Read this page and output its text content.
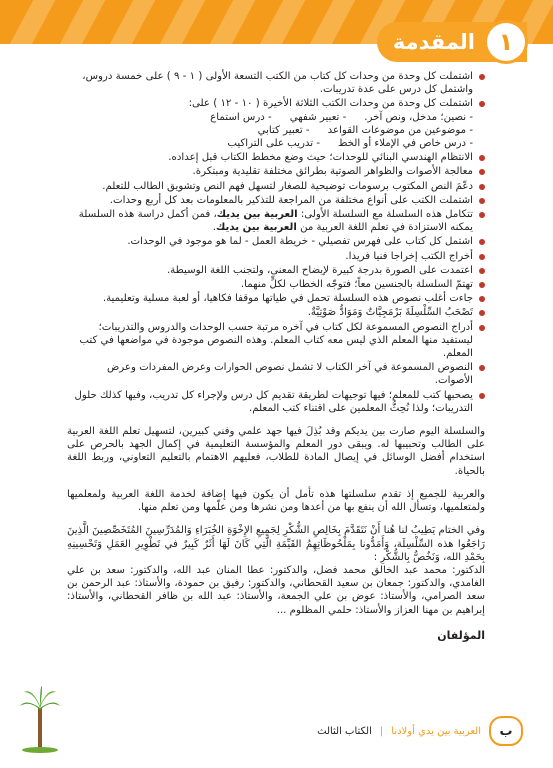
١
المقدمة
اشتملت كل وحدة من وحدات كل كتاب من الكتب التسعة الأولى ( ١ - ٩ ) على خمسة دروس، واشتمل كل درس على عدة تدريبات.
اشتملت كل وحدة من وحدات الكتب الثلاثة الأخيرة ( ١٠ - ١٢ ) على:
- نصين؛ مدخل، ونص آخر.
- تعبير شفهي
- درس استماع
- موضوعين من موضوعات القواعد
- تعبير كتابي
- درس خاص في الإملاء أو الخط
- تدريب على التراكيب
الانتظام الهندسي البنائي للوحدات؛ حيث وضع مخطط الكتاب قبل إعداده.
معالجة الأصوات والظواهر الصوتية بطرائق مختلفة تقليدية ومبتكرة.
دعّمَ النص المكتوب برسومات توضيحية للصغار لتسهل فهم النص وتشويق الطالب للتعلم.
اشتملت الكتب على أنواع مختلفة من المراجعة للتذكير بالمعلومات بعد كل أربع وحدات.
تتكامل هذه السلسلة مع السلسلة الأولى: العربية بين يديك، فمن أكمل دراسة هذه السلسلة يمكنه الاستزادة في تعلم اللغة العربية من العربية بين يديك.
اشتمل كل كتاب على فهرس تفصيلي - خريطة العمل - لما هو موجود في الوحدات.
أخراج الكتب إخراجا فنيا فريدا.
اعتمدت على الصورة بدرجة كبيرة لإيضاح المعنى، ولتجنب اللغة الوسيطة.
تهتمّ السلسلة بالجنسين معاً؛ فتوجّه الخطاب لكلٍّ منهما.
جاءت أغلب نصوص هذه السلسلة تحمل في طياتها موقفا فكاهيا، أو لعبة مسلية وتعليمية.
تَصْحَبُ السِّلْسِلَةَ بَرْمَجِيَّاتٌ وَمَوَادُّ صَوْتِيَّةٌ.
أدراج النصوص المسموعة لكل كتاب في آخره مرتبة حسب الوحدات والدروس والتدريبات؛ ليستفيد منها المعلم الذي ليس معه كتاب المعلم. وهذه النصوص موجودة في مواضعها في كتب المعلم.
النصوص المسموعة في آخر الكتاب لا تشمل نصوص الحوارات وعرض المفردات وعرض الأصوات.
يصحبها كتب للمعلم؛ فيها توجيهات لطريقة تقديم كل درس ولإجراء كل تدريب، وفيها كذلك حلول التدريبات؛ ولذا نُحِثُّ المعلمين على اقتناء كتب المعلم.

والسلسلة اليوم صارت بين يديكم وقد بُذِلَ فيها جهد علمي وفني كبيرين، لتسهيل تعلم اللغة العربية على الطالب وتحبيبها له. ويبقى دور المعلم والمؤسسة التعليمية في إكمال الجهد بالحرص على استخدام أفضل الوسائل في إيصال المادة للطلاب، فعليهم الاهتمام بالتعليم التعاوني، وربط اللغة بالحياة.

والعربية للجميع إذ تقدم سلسلتها هذه تأمل أن يكون فيها إضافة لخدمة اللغة العربية ولمعلميها ولمتعلميها، وتسأل الله أن ينفع بها من أعدها ومن نشرها ومن علّمها ومن تعلم منها.

وفي الختام يَطِيبُ لنا هُنا أَنْ نَتَقَدَّمَ بِخَالِصِ الشُّكْرِ لِجَمِيعِ الإِخْوَةِ الخُبَرَاءِ وَالمُدَرِّسِينَ المُتَخَصِّصِينَ الَّذِينَ رَاجَعُوا هذه السِّلْسِلَة، وَأَمَدُّونا بِمَلْحُوظَاتِهِمُ القَيِّمَةِ الَّتِي كَانَ لَهَا أَثَرٌ كَبِيرٌ في تَطْوِيرِ العَمَلِ وَتَحْسِينِهِ بِحَمْدِ الله، وَنَخُصُّ بِالشُّكْرِ :

الدكتور: محمد عبد الخالق محمد فضل، والدكتور: عطا المنان عبد الله، والدكتور: سعد بن علي الغامدي، والدكتور: جمعان بن سعيد القحطاني، والدكتور: رفيق بن حمودة، والأستاذ: عبد الرحمن بن سعد الصرامي، والأستاذ: عوض بن علي الجمعة، والأستاذ: عبد الله بن ظافر القحطاني، والأستاذ: إبراهيم بن مهنا العزاز والأستاذ: حلمي المظلوم ...

المؤلفان
ب
العربية بين يدي أولادنا
|
الكتاب الثالث
